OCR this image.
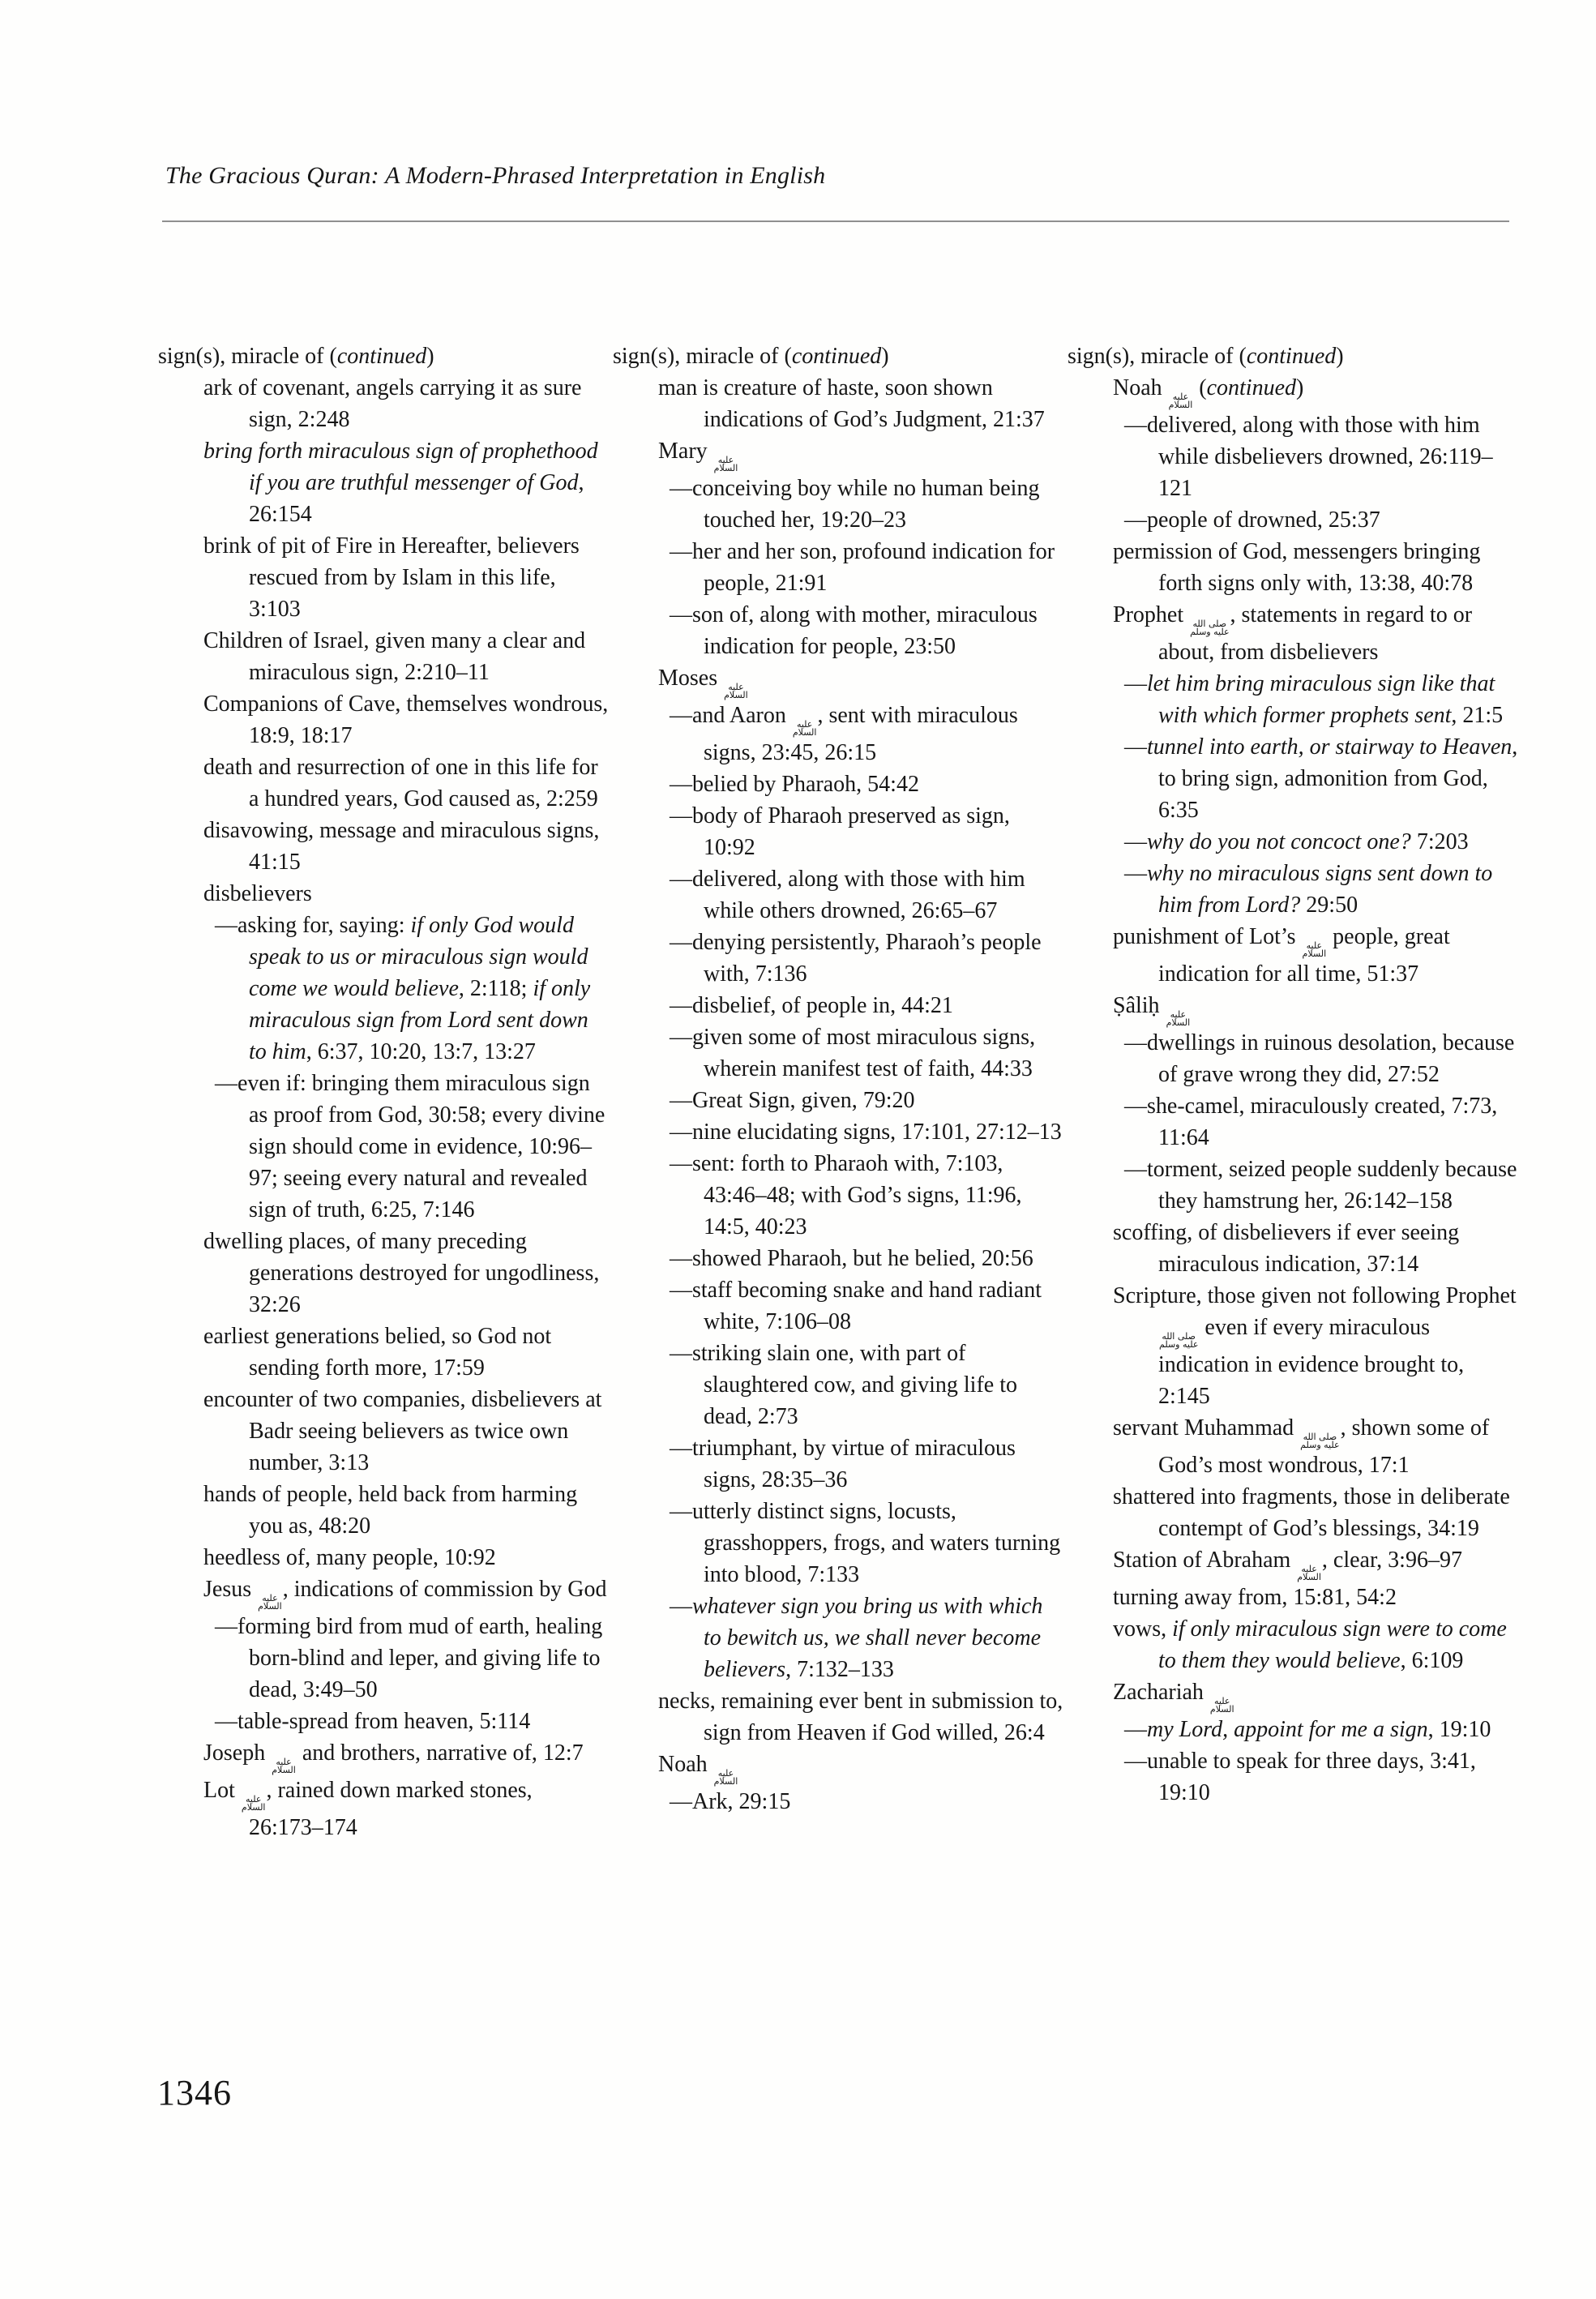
The Gracious Quran: A Modern-Phrased Interpretation in English
sign(s), miracle of (continued)
ark of covenant, angels carrying it as sure sign, 2:248
bring forth miraculous sign of prophethood if you are truthful messenger of God, 26:154
brink of pit of Fire in Hereafter, believers rescued from by Islam in this life, 3:103
Children of Israel, given many a clear and miraculous sign, 2:210–11
Companions of Cave, themselves wondrous, 18:9, 18:17
death and resurrection of one in this life for a hundred years, God caused as, 2:259
disavowing, message and miraculous signs, 41:15
disbelievers
—asking for, saying: if only God would speak to us or miraculous sign would come we would believe, 2:118; if only miraculous sign from Lord sent down to him, 6:37, 10:20, 13:7, 13:27
—even if: bringing them miraculous sign as proof from God, 30:58; every divine sign should come in evidence, 10:96–97; seeing every natural and revealed sign of truth, 6:25, 7:146
dwelling places, of many preceding generations destroyed for ungodliness, 32:26
earliest generations belied, so God not sending forth more, 17:59
encounter of two companies, disbelievers at Badr seeing believers as twice own number, 3:13
hands of people, held back from harming you as, 48:20
heedless of, many people, 10:92
Jesus عليه
السلام
, indications of commission by God
—forming bird from mud of earth, healing born-blind and leper, and giving life to dead, 3:49–50
—table-spread from heaven, 5:114
Joseph عليه
السلام
and brothers, narrative of, 12:7
Lot عليه
السلام
, rained down marked stones, 26:173–174
sign(s), miracle of (continued)
man is creature of haste, soon shown indications of God’s Judgment, 21:37
Mary عليه
السلام
—conceiving boy while no human being touched her, 19:20–23
—her and her son, profound indication for people, 21:91
—son of, along with mother, miraculous indication for people, 23:50
Moses عليه
السلام
—and Aaron عليه
السلام
, sent with miraculous signs, 23:45, 26:15
—belied by Pharaoh, 54:42
—body of Pharaoh preserved as sign, 10:92
—delivered, along with those with him while others drowned, 26:65–67
—denying persistently, Pharaoh’s people with, 7:136
—disbelief, of people in, 44:21
—given some of most miraculous signs, wherein manifest test of faith, 44:33
—Great Sign, given, 79:20
—nine elucidating signs, 17:101, 27:12–13
—sent: forth to Pharaoh with, 7:103, 43:46–48; with God’s signs, 11:96, 14:5, 40:23
—showed Pharaoh, but he belied, 20:56
—staff becoming snake and hand radiant white, 7:106–08
—striking slain one, with part of slaughtered cow, and giving life to dead, 2:73
—triumphant, by virtue of miraculous signs, 28:35–36
—utterly distinct signs, locusts, grasshoppers, frogs, and waters turning into blood, 7:133
—whatever sign you bring us with which to bewitch us, we shall never become believers, 7:132–133
necks, remaining ever bent in submission to, sign from Heaven if God willed, 26:4
Noah عليه
السلام
—Ark, 29:15
sign(s), miracle of (continued)
Noah عليه
السلام
(continued)
—delivered, along with those with him while disbelievers drowned, 26:119–121
—people of drowned, 25:37
permission of God, messengers bringing forth signs only with, 13:38, 40:78
Prophet صلى الله
عليه وسلم
, statements in regard to or about, from disbelievers
—let him bring miraculous sign like that with which former prophets sent, 21:5
—tunnel into earth, or stairway to Heaven, to bring sign, admonition from God, 6:35
—why do you not concoct one? 7:203
—why no miraculous signs sent down to him from Lord? 29:50
punishment of Lot’s عليه
السلام
people, great indication for all time, 51:37
Ṣâliḥ عليه
السلام
—dwellings in ruinous desolation, because of grave wrong they did, 27:52
—she-camel, miraculously created, 7:73, 11:64
—torment, seized people suddenly because they hamstrung her, 26:142–158
scoffing, of disbelievers if ever seeing miraculous indication, 37:14
Scripture, those given not following Prophet
صلى الله
عليه وسلم
even if every miraculous indication in evidence brought to, 2:145
servant Muhammad صلى الله
عليه وسلم
, shown some of God’s most wondrous, 17:1
shattered into fragments, those in deliberate contempt of God’s blessings, 34:19
Station of Abraham عليه
السلام
, clear, 3:96–97
turning away from, 15:81, 54:2
vows, if only miraculous sign were to come to them they would believe, 6:109
Zachariah عليه
السلام
—my Lord, appoint for me a sign, 19:10
—unable to speak for three days, 3:41, 19:10
1346
